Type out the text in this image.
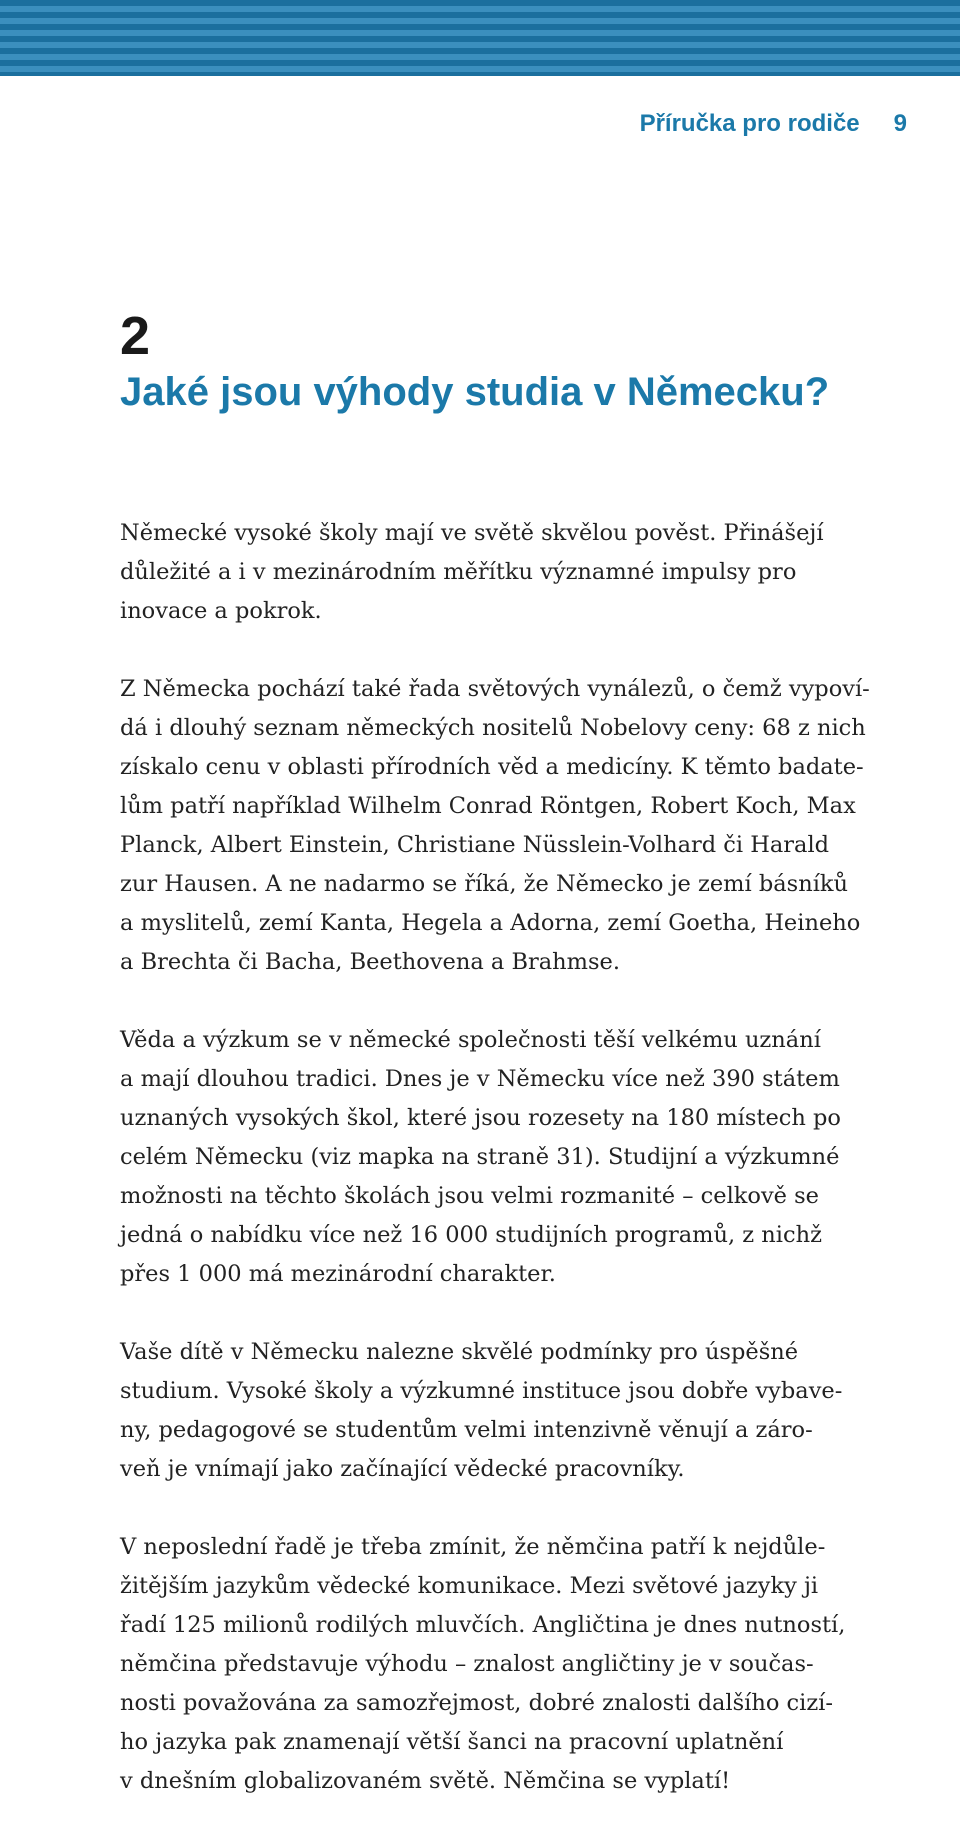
Příručka pro rodiče 9
2
Jaké jsou výhody studia v Německu?

Německé vysoké školy mají ve světě skvělou pověst. Přinášejí
důležité a i v mezinárodním měřítku významné impulsy pro
inovace a pokrok.

Z Německa pochází také řada světových vynálezů, o čemž vypoví-
dá i dlouhý seznam německých nositelů Nobelovy ceny: 68 z nich
získalo cenu v oblasti přírodních věd a medicíny. K těmto badate-
lům patří například Wilhelm Conrad Röntgen, Robert Koch, Max
Planck, Albert Einstein, Christiane Nüsslein-Volhard či Harald
zur Hausen. A ne nadarmo se říká, že Německo je zemí básníků
a myslitelů, zemí Kanta, Hegela a Adorna, zemí Goetha, Heineho
a Brechta či Bacha, Beethovena a Brahmse.

Věda a výzkum se v německé společnosti těší velkému uznání
a mají dlouhou tradici. Dnes je v Německu více než 390 státem
uznaných vysokých škol, které jsou rozesety na 180 místech po
celém Německu (viz mapka na straně 31). Studijní a výzkumné
možnosti na těchto školách jsou velmi rozmanité – celkově se
jedná o nabídku více než 16 000 studijních programů, z nichž
přes 1 000 má mezinárodní charakter.

Vaše dítě v Německu nalezne skvělé podmínky pro úspěšné
studium. Vysoké školy a výzkumné instituce jsou dobře vybave-
ny, pedagogové se studentům velmi intenzivně věnují a záro-
veň je vnímají jako začínající vědecké pracovníky.

V neposlední řadě je třeba zmínit, že němčina patří k nejdůle-
žitějším jazykům vědecké komunikace. Mezi světové jazyky ji
řadí 125 milionů rodilých mluvčích. Angličtina je dnes nutností,
němčina představuje výhodu – znalost angličtiny je v součas-
nosti považována za samozřejmost, dobré znalosti dalšího cizí-
ho jazyka pak znamenají větší šanci na pracovní uplatnění
v dnešním globalizovaném světě. Němčina se vyplatí!
